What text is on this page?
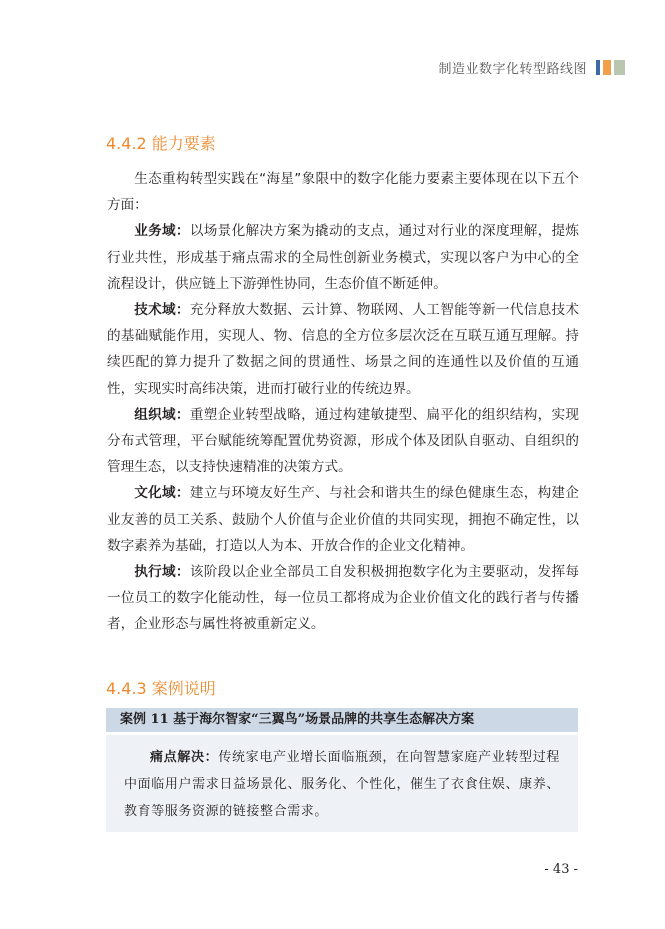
制造业数字化转型路线图
4.4.2 能力要素

生态重构转型实践在“海星”象限中的数字化能力要素主要体现在以下五个方面：

业务域：以场景化解决方案为撬动的支点，通过对行业的深度理解，提炼行业共性，形成基于痛点需求的全局性创新业务模式，实现以客户为中心的全流程设计，供应链上下游弹性协同，生态价值不断延伸。

技术域：充分释放大数据、云计算、物联网、人工智能等新一代信息技术的基础赋能作用，实现人、物、信息的全方位多层次泛在互联互通互理解。持续匹配的算力提升了数据之间的贯通性、场景之间的连通性以及价值的互通性，实现实时高纬决策，进而打破行业的传统边界。

组织域：重塑企业转型战略，通过构建敏捷型、扁平化的组织结构，实现分布式管理，平台赋能统筹配置优势资源，形成个体及团队自驱动、自组织的管理生态，以支持快速精准的决策方式。

文化域：建立与环境友好生产、与社会和谐共生的绿色健康生态，构建企业友善的员工关系、鼓励个人价值与企业价值的共同实现，拥抱不确定性，以数字素养为基础，打造以人为本、开放合作的企业文化精神。

执行域：该阶段以企业全部员工自发积极拥抱数字化为主要驱动，发挥每一位员工的数字化能动性，每一位员工都将成为企业价值文化的践行者与传播者，企业形态与属性将被重新定义。

4.4.3 案例说明
案例 11 基于海尔智家“三翼鸟”场景品牌的共享生态解决方案

痛点解决：传统家电产业增长面临瓶颈，在向智慧家庭产业转型过程中面临用户需求日益场景化、服务化、个性化，催生了衣食住娱、康养、教育等服务资源的链接整合需求。

- 43 -
